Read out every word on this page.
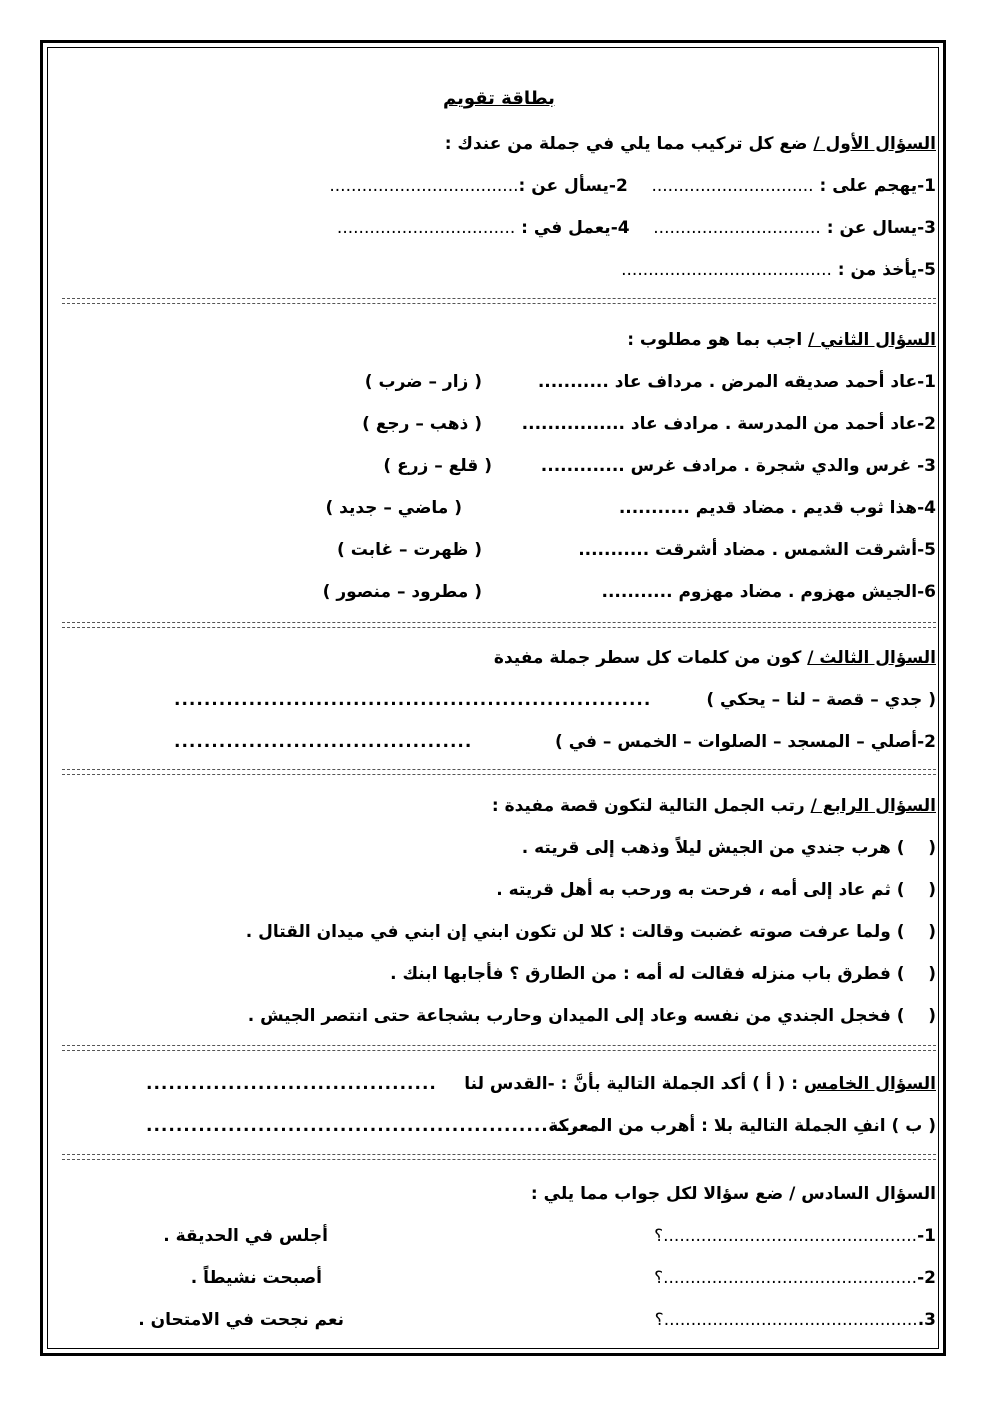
بطاقة تقويم
السؤال الأول / ضع كل تركيب مما يلي في جملة من عندك :
1-يهجم على : ..............................    2-يسأل عن :...................................
3-يسال عن : ...............................    4-يعمل في : .................................
5-يأخذ من : .......................................
السؤال الثاني / اجب بما هو مطلوب :
1-عاد أحمد صديقه المرض . مرداف عاد ...........
( زار – ضرب )
2-عاد أحمد من المدرسة . مرادف عاد ................
( ذهب – رجع )
3- غرس والدي شجرة . مرادف غرس .............
( قلع – زرع )
4-هذا ثوب قديم . مضاد قديم ...........
( ماضي – جديد )
5-أشرقت الشمس . مضاد أشرقت ...........
( ظهرت – غابت )
6-الجيش مهزوم . مضاد مهزوم ...........
( مطرود – منصور )
السؤال الثالث / كون من كلمات كل سطر جملة مفيدة
( جدي – قصة – لنا – يحكي )
................................................................
2-أصلي – المسجد – الصلوات – الخمس – في )
........................................
السؤال الرابع / رتب الجمل التالية لتكون قصة مفيدة :
(    ) هرب جندي من الجيش ليلاً وذهب إلى قريته .
(    ) ثم عاد إلى أمه ، فرحت به ورحب به أهل قريته .
(    ) ولما عرفت صوته غضبت وقالت : كلا لن تكون ابني إن ابني في ميدان القتال .
(    ) فطرق باب منزله فقالت له أمه : من الطارق ؟ فأجابها ابنك .
(    ) فخجل الجندي من نفسه وعاد إلى الميدان وحارب بشجاعة حتى انتصر الجيش .
السؤال الخامس : ( أ ) أكد الجملة التالية بأنَّ : -القدس لنا
.......................................
( ب ) انفِ الجملة التالية بلا : أهرب من المعركة
............................................................
السؤال السادس / ضع سؤالا لكل جواب مما يلي :
1-...............................................؟
أجلس في الحديقة .
2-...............................................؟
أصبحت نشيطاً .
3................................................؟
نعم نجحت في الامتحان .
